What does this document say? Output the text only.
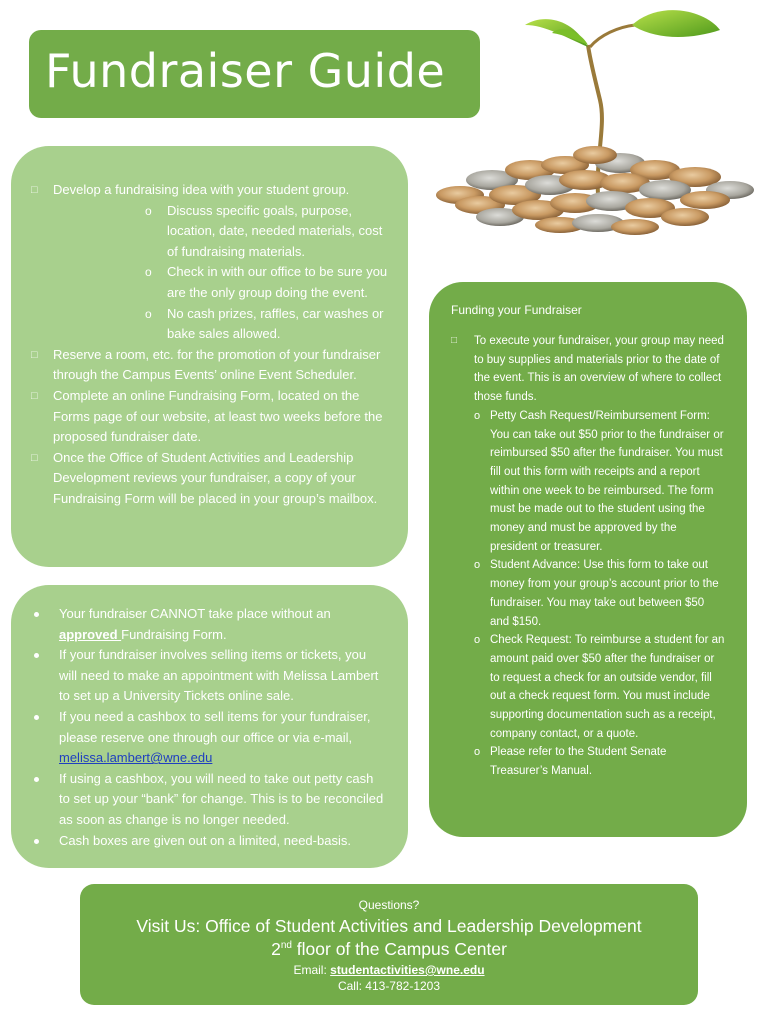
Fundraiser Guide
□ Develop a fundraising idea with your student group.
o Discuss specific goals, purpose, location, date, needed materials, cost of fundraising materials.
o Check in with our office to be sure you are the only group doing the event.
o No cash prizes, raffles, car washes or bake sales allowed.
□ Reserve a room, etc. for the promotion of your fundraiser through the Campus Events’ online Event Scheduler.
□ Complete an online Fundraising Form, located on the Forms page of our website, at least two weeks before the proposed fundraiser date.
□ Once the Office of Student Activities and Leadership Development reviews your fundraiser, a copy of your Fundraising Form will be placed in your group’s mailbox.
Your fundraiser CANNOT take place without an approved Fundraising Form.
If your fundraiser involves selling items or tickets, you will need to make an appointment with Melissa Lambert to set up a University Tickets online sale.
If you need a cashbox to sell items for your fundraiser, please reserve one through our office or via e-mail, melissa.lambert@wne.edu
If using a cashbox, you will need to take out petty cash to set up your “bank” for change. This is to be reconciled as soon as change is no longer needed.
Cash boxes are given out on a limited, need-basis.
Funding your Fundraiser
□ To execute your fundraiser, your group may need to buy supplies and materials prior to the date of the event. This is an overview of where to collect those funds.
o Petty Cash Request/Reimbursement Form: You can take out $50 prior to the fundraiser or reimbursed $50 after the fundraiser. You must fill out this form with receipts and a report within one week to be reimbursed. The form must be made out to the student using the money and must be approved by the president or treasurer.
o Student Advance: Use this form to take out money from your group’s account prior to the fundraiser. You may take out between $50 and $150.
o Check Request: To reimburse a student for an amount paid over $50 after the fundraiser or to request a check for an outside vendor, fill out a check request form. You must include supporting documentation such as a receipt, company contact, or a quote.
o Please refer to the Student Senate Treasurer’s Manual.
Questions?
Visit Us: Office of Student Activities and Leadership Development
2nd floor of the Campus Center
Email: studentactivities@wne.edu
Call: 413-782-1203
